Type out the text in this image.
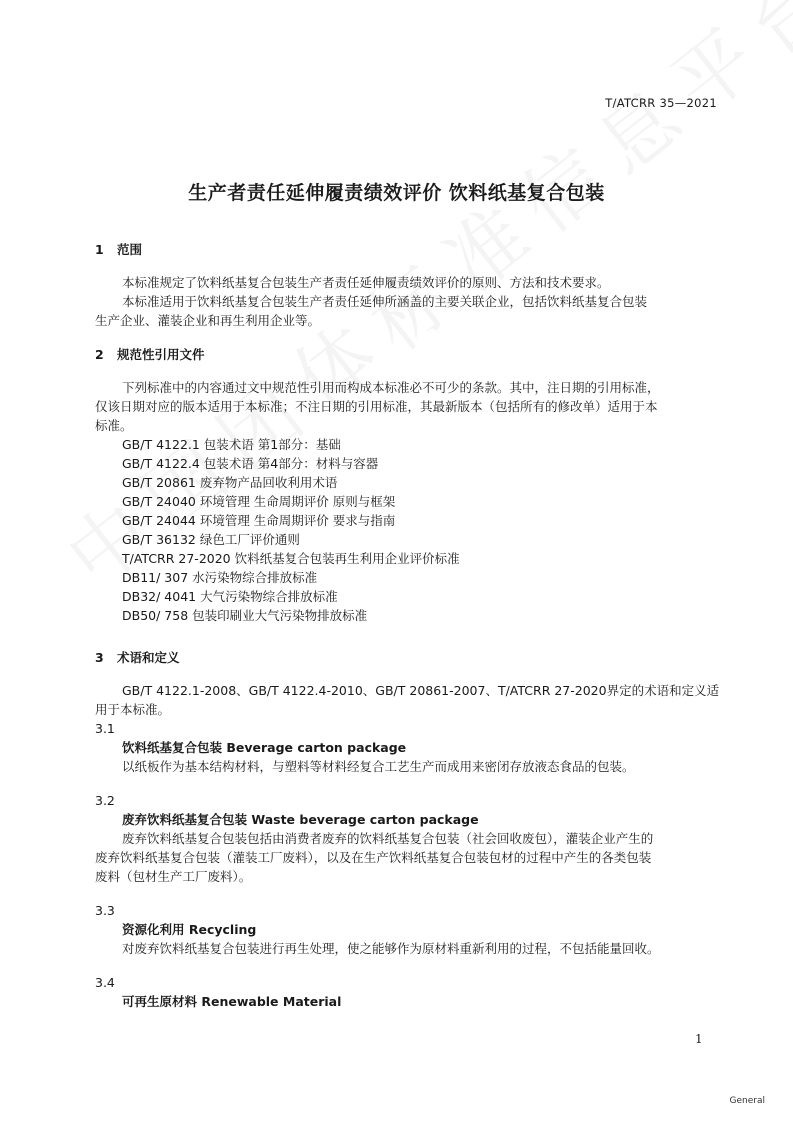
T/ATCRR 35—2021
生产者责任延伸履责绩效评价 饮料纸基复合包装
1 范围
本标准规定了饮料纸基复合包装生产者责任延伸履责绩效评价的原则、方法和技术要求。
本标准适用于饮料纸基复合包装生产者责任延伸所涵盖的主要关联企业，包括饮料纸基复合包装
生产企业、灌装企业和再生利用企业等。
2 规范性引用文件
下列标准中的内容通过文中规范性引用而构成本标准必不可少的条款。其中，注日期的引用标准，
仅该日期对应的版本适用于本标准；不注日期的引用标准，其最新版本（包括所有的修改单）适用于本
标准。
GB/T 4122.1 包装术语 第1部分：基础
GB/T 4122.4 包装术语 第4部分：材料与容器
GB/T 20861 废弃物产品回收利用术语
GB/T 24040 环境管理 生命周期评价 原则与框架
GB/T 24044 环境管理 生命周期评价 要求与指南
GB/T 36132 绿色工厂评价通则
T/ATCRR 27-2020 饮料纸基复合包装再生利用企业评价标准
DB11/ 307 水污染物综合排放标准
DB32/ 4041 大气污染物综合排放标准
DB50/ 758 包装印刷业大气污染物排放标准
3 术语和定义
GB/T 4122.1-2008、GB/T 4122.4-2010、GB/T 20861-2007、T/ATCRR 27-2020界定的术语和定义适
用于本标准。
3.1
饮料纸基复合包装 Beverage carton package
以纸板作为基本结构材料，与塑料等材料经复合工艺生产而成用来密闭存放液态食品的包装。
3.2
废弃饮料纸基复合包装 Waste beverage carton package
废弃饮料纸基复合包装包括由消费者废弃的饮料纸基复合包装（社会回收废包），灌装企业产生的
废弃饮料纸基复合包装（灌装工厂废料），以及在生产饮料纸基复合包装包材的过程中产生的各类包装
废料（包材生产工厂废料）。
3.3
资源化利用 Recycling
对废弃饮料纸基复合包装进行再生处理，使之能够作为原材料重新利用的过程，不包括能量回收。
3.4
可再生原材料 Renewable Material
1
General
